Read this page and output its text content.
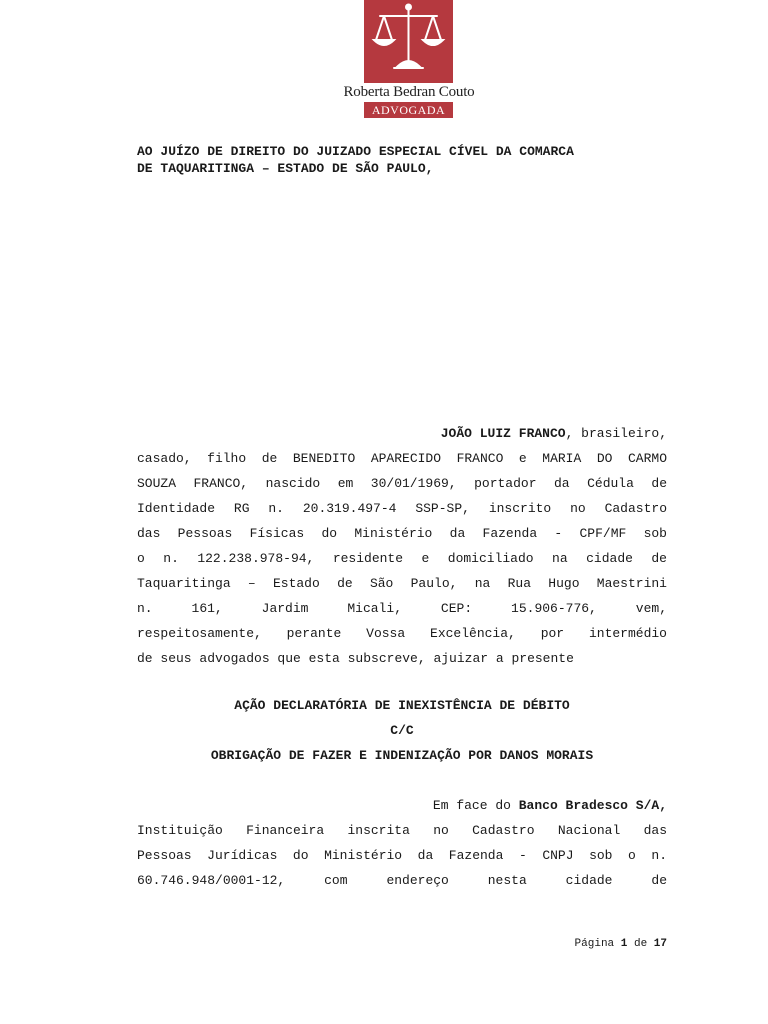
Roberta Bedran Couto
ADVOGADA
AO JUÍZO DE DIREITO DO JUIZADO ESPECIAL CÍVEL DA COMARCA
DE TAQUARITINGA – ESTADO DE SÃO PAULO,
JOÃO LUIZ FRANCO, brasileiro,
casado, filho de BENEDITO APARECIDO FRANCO e MARIA DO CARMO
SOUZA FRANCO, nascido em 30/01/1969, portador da Cédula de
Identidade RG n. 20.319.497-4 SSP-SP, inscrito no Cadastro
das Pessoas Físicas do Ministério da Fazenda - CPF/MF sob
o n. 122.238.978-94, residente e domiciliado na cidade de
Taquaritinga – Estado de São Paulo, na Rua Hugo Maestrini
n. 161, Jardim Micali, CEP: 15.906-776, vem,
respeitosamente, perante Vossa Excelência, por intermédio
de seus advogados que esta subscreve, ajuizar a presente
AÇÃO DECLARATÓRIA DE INEXISTÊNCIA DE DÉBITO
C/C
OBRIGAÇÃO DE FAZER E INDENIZAÇÃO POR DANOS MORAIS
Em face do Banco Bradesco S/A,
Instituição Financeira inscrita no Cadastro Nacional das
Pessoas Jurídicas do Ministério da Fazenda - CNPJ sob o n.
60.746.948/0001-12, com endereço nesta cidade de
Página 1 de 17
